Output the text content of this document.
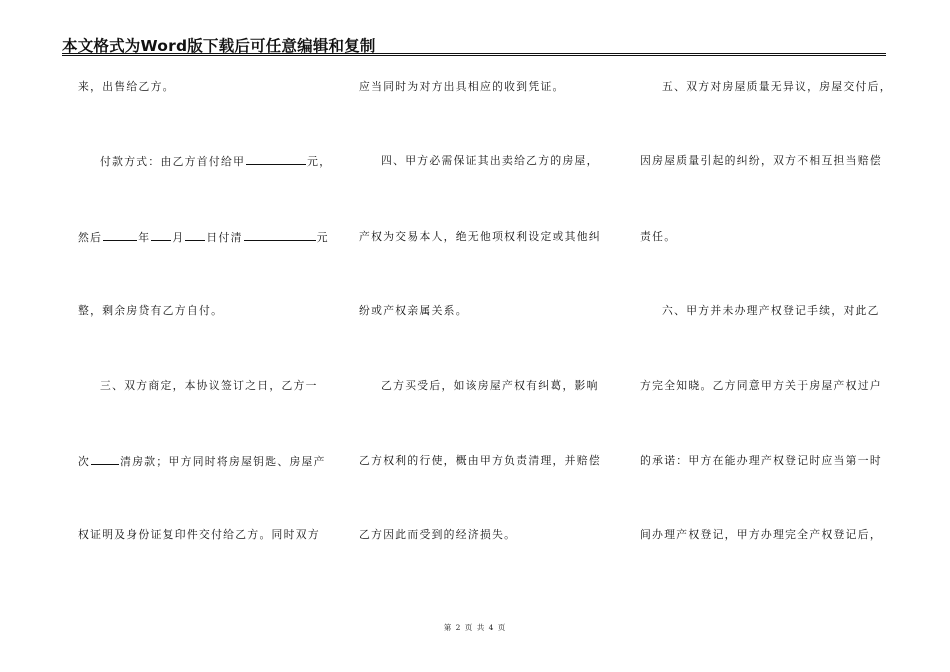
本文格式为Word版下载后可任意编辑和复制
来，出售给乙方。
付款方式：由乙方首付给甲	元，
然后	年 月 日付清	元
整，剩余房贷有乙方自付。
三、双方商定，本协议签订之日，乙方一
次	清房款；甲方同时将房屋钥匙、房屋产
权证明及身份证复印件交付给乙方。同时双方
应当同时为对方出具相应的收到凭证。
四、甲方必需保证其出卖给乙方的房屋，
产权为交易本人，绝无他项权利设定或其他纠
纷或产权亲属关系。
乙方买受后，如该房屋产权有纠葛，影响
乙方权利的行使，概由甲方负责清理，并赔偿
乙方因此而受到的经济损失。
五、双方对房屋质量无异议，房屋交付后，
因房屋质量引起的纠纷，双方不相互担当赔偿
责任。
六、甲方并未办理产权登记手续，对此乙
方完全知晓。乙方同意甲方关于房屋产权过户
的承诺：甲方在能办理产权登记时应当第一时
间办理产权登记，甲方办理完全产权登记后，
第 2 页 共 4 页
